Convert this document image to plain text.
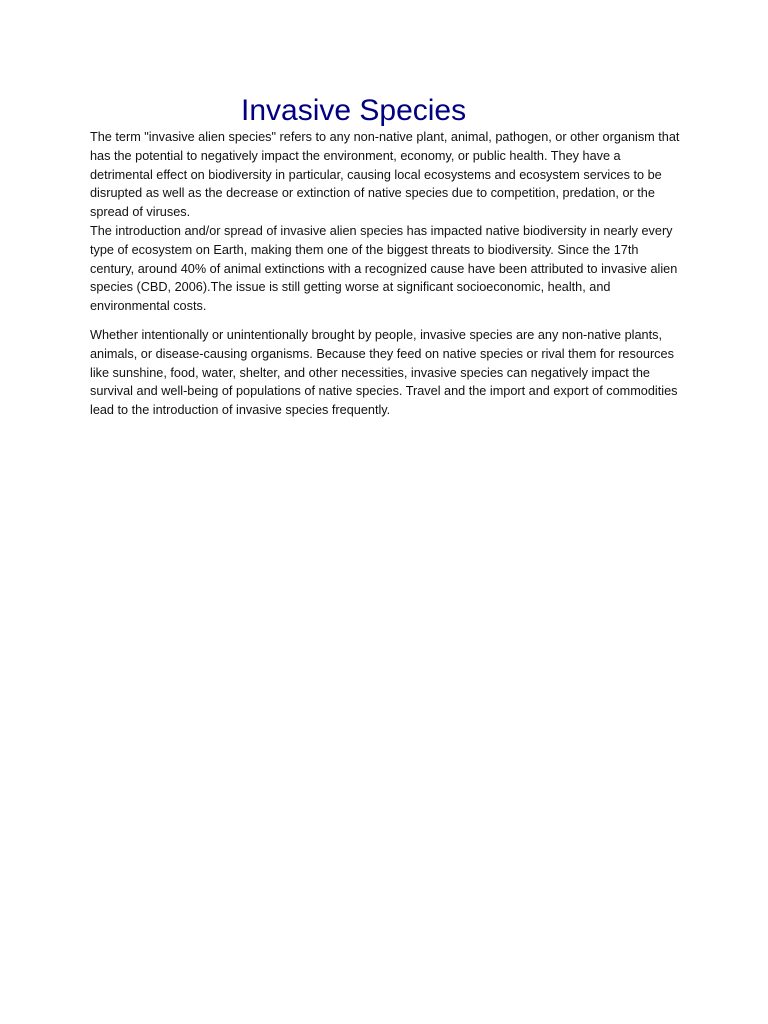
Invasive Species

The term "invasive alien species" refers to any non-native plant, animal, pathogen, or other organism that has the potential to negatively impact the environment, economy, or public health. They have a detrimental effect on biodiversity in particular, causing local ecosystems and ecosystem services to be disrupted as well as the decrease or extinction of native species due to competition, predation, or the spread of viruses.

The introduction and/or spread of invasive alien species has impacted native biodiversity in nearly every type of ecosystem on Earth, making them one of the biggest threats to biodiversity. Since the 17th century, around 40% of animal extinctions with a recognized cause have been attributed to invasive alien species (CBD, 2006).The issue is still getting worse at significant socioeconomic, health, and environmental costs.

Whether intentionally or unintentionally brought by people, invasive species are any non-native plants, animals, or disease-causing organisms. Because they feed on native species or rival them for resources like sunshine, food, water, shelter, and other necessities, invasive species can negatively impact the survival and well-being of populations of native species. Travel and the import and export of commodities lead to the introduction of invasive species frequently.
